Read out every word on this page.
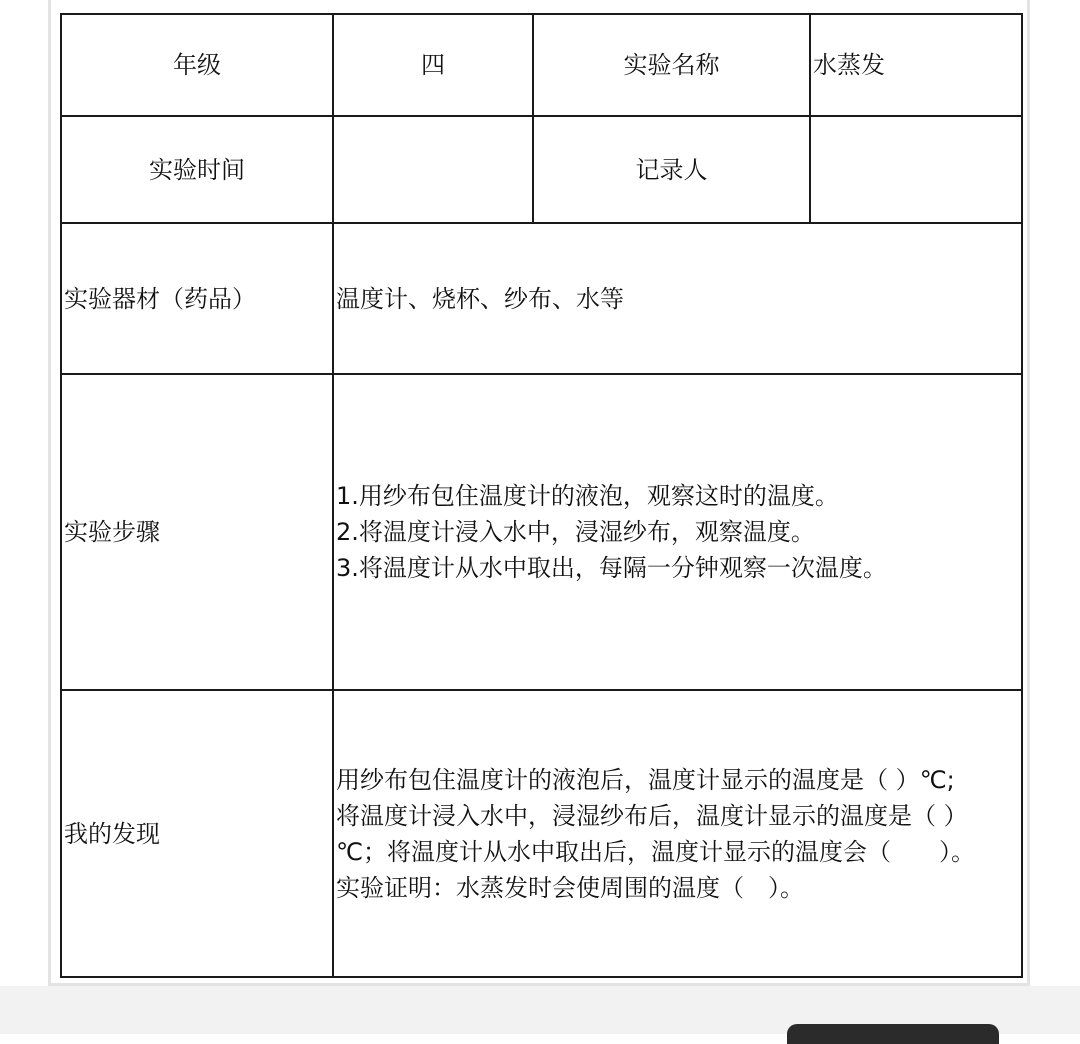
年级	四	实验名称	水蒸发
实验时间		记录人	
实验器材（药品）	温度计、烧杯、纱布、水等		
实验步骤	1.用纱布包住温度计的液泡，观察这时的温度。
2.将温度计浸入水中，浸湿纱布，观察温度。
3.将温度计从水中取出，每隔一分钟观察一次温度。		

我的发现	用纱布包住温度计的液泡后，温度计显示的温度是（ ）℃;
将温度计浸入水中，浸湿纱布后，温度计显示的温度是（ ）
℃；将温度计从水中取出后，温度计显示的温度会（　　）。
实验证明：水蒸发时会使周围的温度（　）。		
